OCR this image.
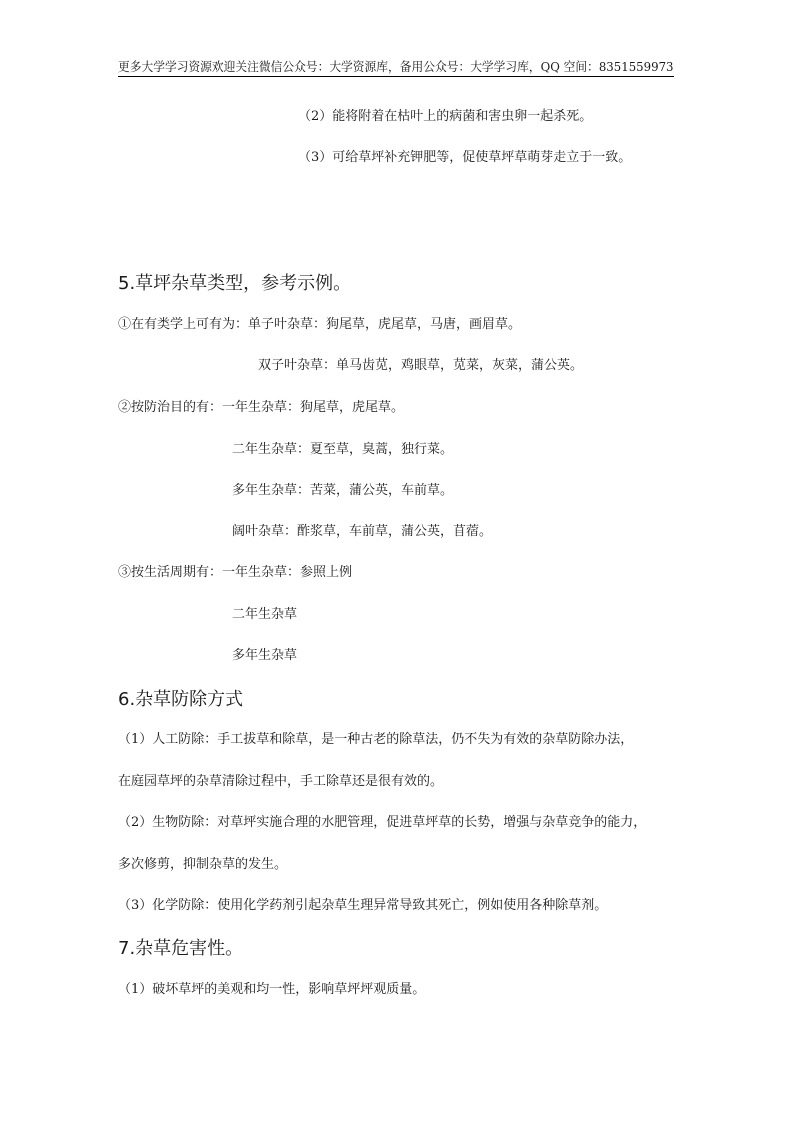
更多大学学习资源欢迎关注微信公众号：大学资源库，备用公众号：大学学习库，QQ 空间：8351559973
（2）能将附着在枯叶上的病菌和害虫卵一起杀死。
（3）可给草坪补充钾肥等，促使草坪草萌芽走立于一致。
5.草坪杂草类型，参考示例。
①在有类学上可有为：单子叶杂草：狗尾草，虎尾草，马唐，画眉草。
双子叶杂草：单马齿苋，鸡眼草，苋菜，灰菜，蒲公英。
②按防治目的有：一年生杂草：狗尾草，虎尾草。
二年生杂草：夏至草，臭蒿，独行菜。
多年生杂草：苦菜，蒲公英，车前草。
阔叶杂草：酢浆草，车前草，蒲公英，苜蓿。
③按生活周期有：一年生杂草：参照上例
二年生杂草
多年生杂草
6.杂草防除方式
（1）人工防除：手工拔草和除草，是一种古老的除草法，仍不失为有效的杂草防除办法，
在庭园草坪的杂草清除过程中，手工除草还是很有效的。
（2）生物防除：对草坪实施合理的水肥管理，促进草坪草的长势，增强与杂草竞争的能力，
多次修剪，抑制杂草的发生。
（3）化学防除：使用化学药剂引起杂草生理异常导致其死亡，例如使用各种除草剂。
7.杂草危害性。
（1）破坏草坪的美观和均一性，影响草坪坪观质量。
